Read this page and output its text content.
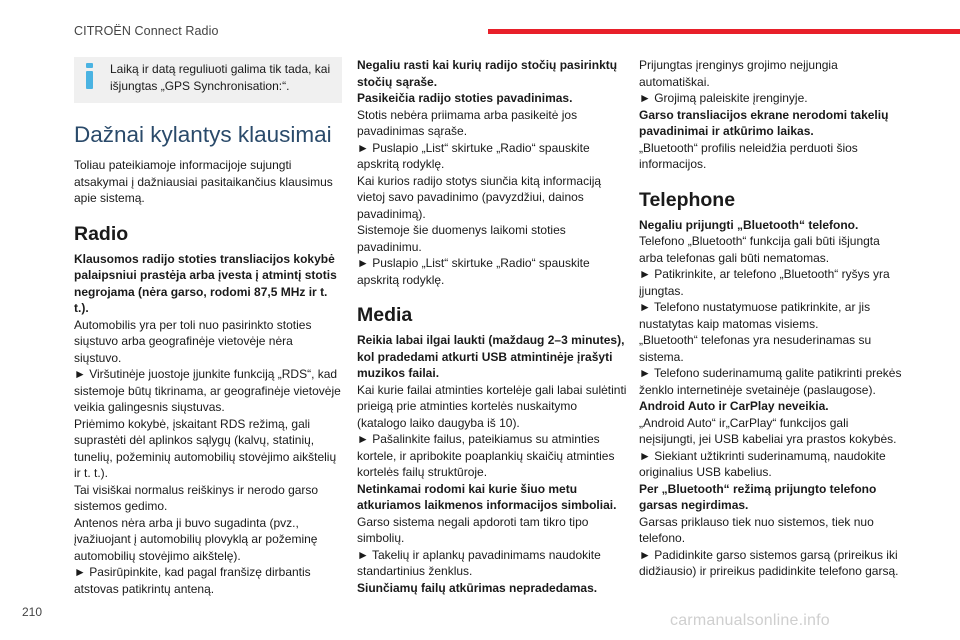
CITROËN Connect Radio

Laiką ir datą reguliuoti galima tik tada, kai išjungtas „GPS Synchronisation:“.

Dažnai kylantys klausimai

Toliau pateikiamoje informacijoje sujungti atsakymai į dažniausiai pasitaikančius klausimus apie sistemą.

Radio

Klausomos radijo stoties transliacijos kokybė palaipsniui prastėja arba įvesta į atmintį stotis negrojama (nėra garso, rodomi 87,5 MHz ir t. t.).

Automobilis yra per toli nuo pasirinkto stoties siųstuvo arba geografinėje vietovėje nėra siųstuvo.

► Viršutinėje juostoje įjunkite funkciją „RDS“, kad sistemoje būtų tikrinama, ar geografinėje vietovėje veikia galingesnis siųstuvas.

Priėmimo kokybė, įskaitant RDS režimą, gali suprastėti dėl aplinkos sąlygų (kalvų, statinių, tunelių, požeminių automobilių stovėjimo aikštelių ir t. t.).

Tai visiškai normalus reiškinys ir nerodo garso sistemos gedimo.

Antenos nėra arba ji buvo sugadinta (pvz., įvažiuojant į automobilių plovyklą ar požeminę automobilių stovėjimo aikštelę).

► Pasirūpinkite, kad pagal franšizę dirbantis atstovas patikrintų anteną.

Negaliu rasti kai kurių radijo stočių pasirinktų stočių sąraše.

Pasikeičia radijo stoties pavadinimas.

Stotis nebėra priimama arba pasikeitė jos pavadinimas sąraše.

► Puslapio „List“ skirtuke „Radio“ spauskite apskritą rodyklę.

Kai kurios radijo stotys siunčia kitą informaciją vietoj savo pavadinimo (pavyzdžiui, dainos pavadinimą).

Sistemoje šie duomenys laikomi stoties pavadinimu.

► Puslapio „List“ skirtuke „Radio“ spauskite apskritą rodyklę.

Media

Reikia labai ilgai laukti (maždaug 2–3 minutes), kol pradedami atkurti USB atmintinėje įrašyti muzikos failai.

Kai kurie failai atminties kortelėje gali labai sulėtinti prieigą prie atminties kortelės nuskaitymo (katalogo laiko daugyba iš 10).

► Pašalinkite failus, pateikiamus su atminties kortele, ir apribokite poaplankių skaičių atminties kortelės failų struktūroje.

Netinkamai rodomi kai kurie šiuo metu atkuriamos laikmenos informacijos simboliai.

Garso sistema negali apdoroti tam tikro tipo simbolių.

► Takelių ir aplankų pavadinimams naudokite standartinius ženklus.

Siunčiamų failų atkūrimas nepradedamas.

Prijungtas įrenginys grojimo neįjungia automatiškai.

► Grojimą paleiskite įrenginyje.

Garso transliacijos ekrane nerodomi takelių pavadinimai ir atkūrimo laikas.

„Bluetooth“ profilis neleidžia perduoti šios informacijos.

Telephone

Negaliu prijungti „Bluetooth“ telefono.

Telefono „Bluetooth“ funkcija gali būti išjungta arba telefonas gali būti nematomas.

► Patikrinkite, ar telefono „Bluetooth“ ryšys yra įjungtas.

► Telefono nustatymuose patikrinkite, ar jis nustatytas kaip matomas visiems.

„Bluetooth“ telefonas yra nesuderinamas su sistema.

► Telefono suderinamumą galite patikrinti prekės ženklo internetinėje svetainėje (paslaugose).

Android Auto ir CarPlay neveikia.

„Android Auto“ ir„CarPlay“ funkcijos gali neįsijungti, jei USB kabeliai yra prastos kokybės.

► Siekiant užtikrinti suderinamumą, naudokite originalius USB kabelius.

Per „Bluetooth“ režimą prijungto telefono garsas negirdimas.

Garsas priklauso tiek nuo sistemos, tiek nuo telefono.

► Padidinkite garso sistemos garsą (prireikus iki didžiausio) ir prireikus padidinkite telefono garsą.

210	carmanualsonline.info
